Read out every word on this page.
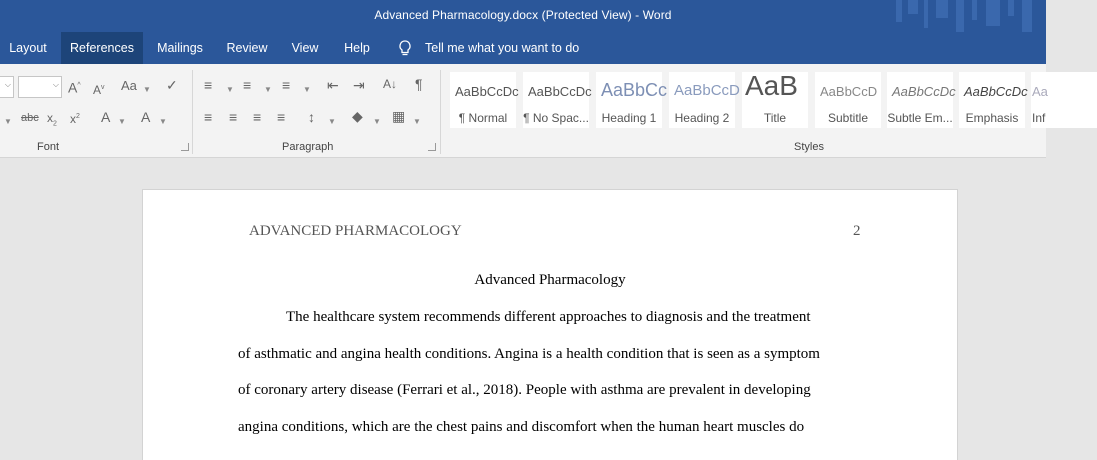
Advanced Pharmacology.docx (Protected View) - Word
Layout	References	Mailings	Review	View	Help	Tell me what you want to do
⌵	⌵ A^ $A^v$ Aa ▼ ✓
▼ abc $x_2$ $x^2$ A ▼ A ▼
Font
≡ ▼ ≡ ▼ ≡ ▼ ⇤ ⇥ A↓ ¶
≡ ≡ ≡ ≡ ↕ ▼ ◆ ▼ ▦ ▼
Paragraph
AaBbCcDc
¶ Normal
AaBbCcDc
¶ No Spac...
AaBbCc
Heading 1
AaBbCcD
Heading 2
AaB
Title
AaBbCcD
Subtitle
AaBbCcDc
Subtle Em...
AaBbCcDc
Emphasis
Aa
Inf
Styles
ADVANCED PHARMACOLOGY	2
Advanced Pharmacology
The healthcare system recommends different approaches to diagnosis and the treatment
of asthmatic and angina health conditions. Angina is a health condition that is seen as a symptom
of coronary artery disease (Ferrari et al., 2018). People with asthma are prevalent in developing
angina conditions, which are the chest pains and discomfort when the human heart muscles do
